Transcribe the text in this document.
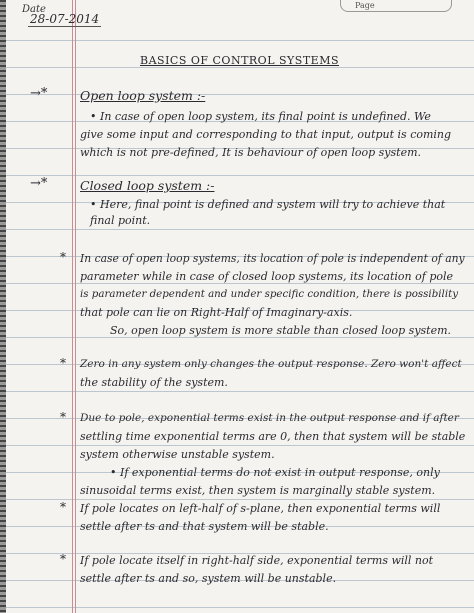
Date
28-07-2014
Page
BASICS OF CONTROL SYSTEMS
→*	Open loop system :-
• In case of open loop system, its final point is undefined. We
give some input and corresponding to that input, output is coming
which is not pre-defined, It is behaviour of open loop system.
→*	Closed loop system :-
• Here, final point is defined and system will try to achieve that
final point.
* In case of open loop systems, its location of pole is independent of any
parameter while in case of closed loop systems, its location of pole
is parameter dependent and under specific condition, there is possibility
that pole can lie on Right-Half of Imaginary-axis.
So, open loop system is more stable than closed loop system.
* Zero in any system only changes the output response. Zero won't affect
the stability of the system.
* Due to pole, exponential terms exist in the output response and if after
settling time exponential terms are 0, then that system will be stable
system otherwise unstable system.
• If exponential terms do not exist in output response, only
sinusoidal terms exist, then system is marginally stable system.
* If pole locates on left-half of s-plane, then exponential terms will
settle after ts and that system will be stable.
* If pole locate itself in right-half side, exponential terms will not
settle after ts and so, system will be unstable.
